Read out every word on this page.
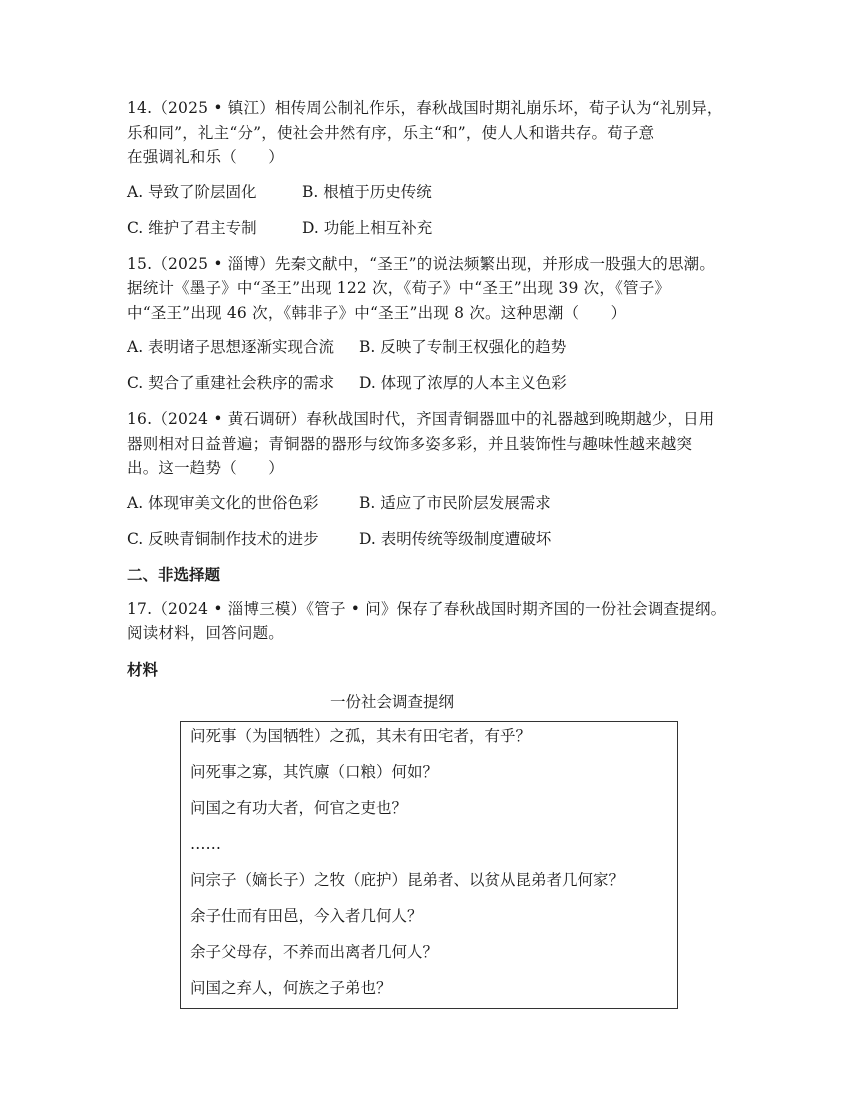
14.（2025 • 镇江）相传周公制礼作乐，春秋战国时期礼崩乐坏，荀子认为“礼别异，
乐和同”，礼主“分”，使社会井然有序，乐主“和”，使人人和谐共存。荀子意
在强调礼和乐（　　）
A. 导致了阶层固化	B. 根植于历史传统
C. 维护了君主专制	D. 功能上相互补充
15.（2025 • 淄博）先秦文献中，“圣王”的说法频繁出现，并形成一股强大的思潮。
据统计《墨子》中“圣王”出现 122 次，《荀子》中“圣王”出现 39 次，《管子》
中“圣王”出现 46 次，《韩非子》中“圣王”出现 8 次。这种思潮（　　）
A. 表明诸子思想逐渐实现合流	B. 反映了专制王权强化的趋势
C. 契合了重建社会秩序的需求	D. 体现了浓厚的人本主义色彩
16.（2024 • 黄石调研）春秋战国时代，齐国青铜器皿中的礼器越到晚期越少，日用
器则相对日益普遍；青铜器的器形与纹饰多姿多彩，并且装饰性与趣味性越来越突
出。这一趋势（　　）
A. 体现审美文化的世俗色彩	B. 适应了市民阶层发展需求
C. 反映青铜制作技术的进步	D. 表明传统等级制度遭破坏
二、非选择题
17.（2024 • 淄博三模）《管子 • 问》保存了春秋战国时期齐国的一份社会调查提纲。
阅读材料，回答问题。
材料
一份社会调查提纲
问死事（为国牺牲）之孤，其未有田宅者，有乎？
问死事之寡，其饩廪（口粮）何如？
问国之有功大者，何官之吏也？
……
问宗子（嫡长子）之牧（庇护）昆弟者、以贫从昆弟者几何家？
余子仕而有田邑，今入者几何人？
余子父母存，不养而出离者几何人？
问国之弃人，何族之子弟也？
